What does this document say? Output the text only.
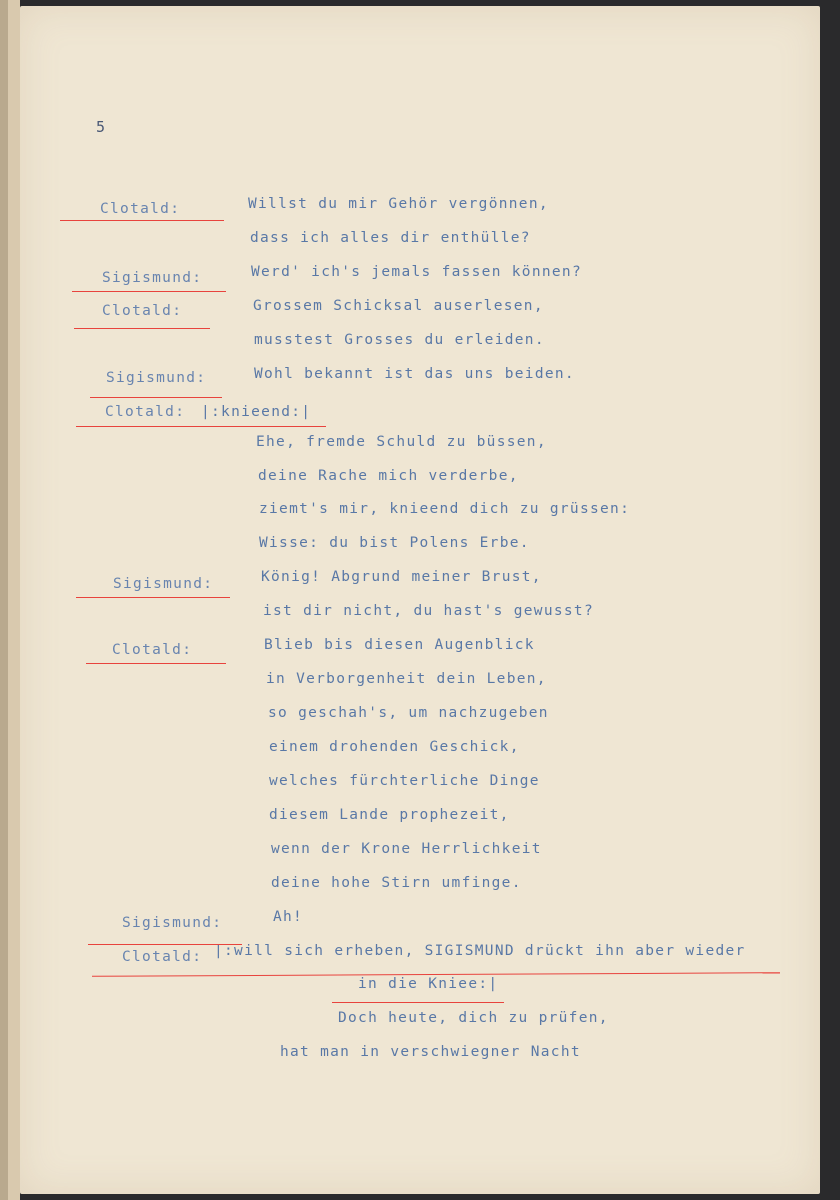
5
Clotald:
Sigismund:
Clotald:
Sigismund:
Clotald:
Sigismund:
Clotald:
Sigismund:
Clotald:
|:knieend:|
|:will sich erheben, SIGISMUND drückt ihn aber wieder
in die Kniee:|
Willst du mir Gehör vergönnen,
dass ich alles dir enthülle?
Werd' ich's jemals fassen können?
Grossem Schicksal auserlesen,
musstest Grosses du erleiden.
Wohl bekannt ist das uns beiden.
Ehe, fremde Schuld zu büssen,
deine Rache mich verderbe,
ziemt's mir, knieend dich zu grüssen:
Wisse: du bist Polens Erbe.
König! Abgrund meiner Brust,
ist dir nicht, du hast's gewusst?
Blieb bis diesen Augenblick
in Verborgenheit dein Leben,
so geschah's, um nachzugeben
einem drohenden Geschick,
welches fürchterliche Dinge
diesem Lande prophezeit,
wenn der Krone Herrlichkeit
deine hohe Stirn umfinge.
Ah!
Doch heute, dich zu prüfen,
hat man in verschwiegner Nacht
